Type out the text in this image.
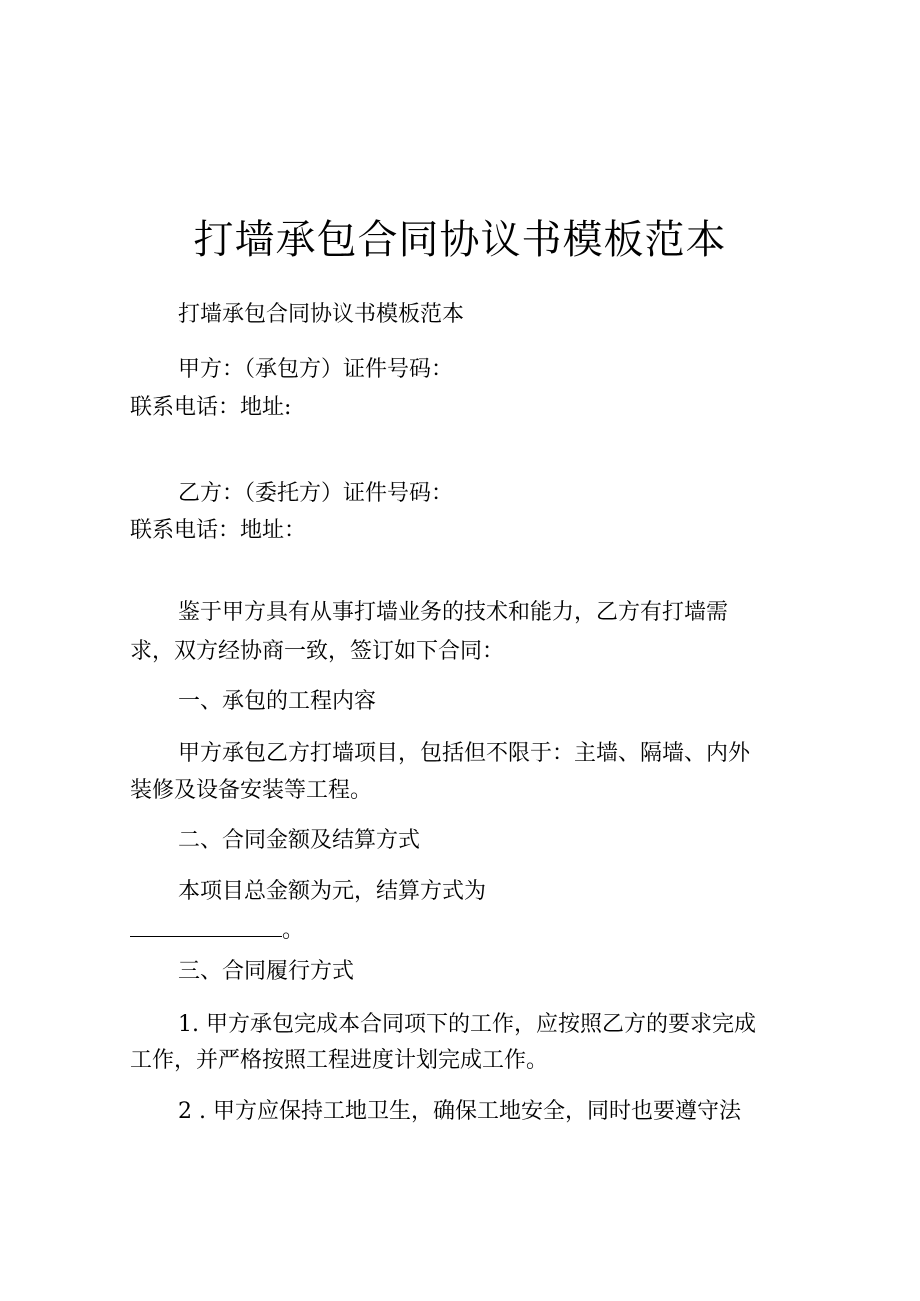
打墙承包合同协议书模板范本
打墙承包合同协议书模板范本
甲方：（承包方）证件号码：
联系电话：地址:
乙方：（委托方）证件号码：
联系电话：地址：
鉴于甲方具有从事打墙业务的技术和能力，乙方有打墙需
求，双方经协商一致，签订如下合同：
一、承包的工程内容
甲方承包乙方打墙项目，包括但不限于：主墙、隔墙、内外
装修及设备安装等工程。
二、合同金额及结算方式
本项目总金额为元，结算方式为
。
三、合同履行方式
1. 甲方承包完成本合同项下的工作，应按照乙方的要求完成
工作，并严格按照工程进度计划完成工作。
2 . 甲方应保持工地卫生，确保工地安全，同时也要遵守法
